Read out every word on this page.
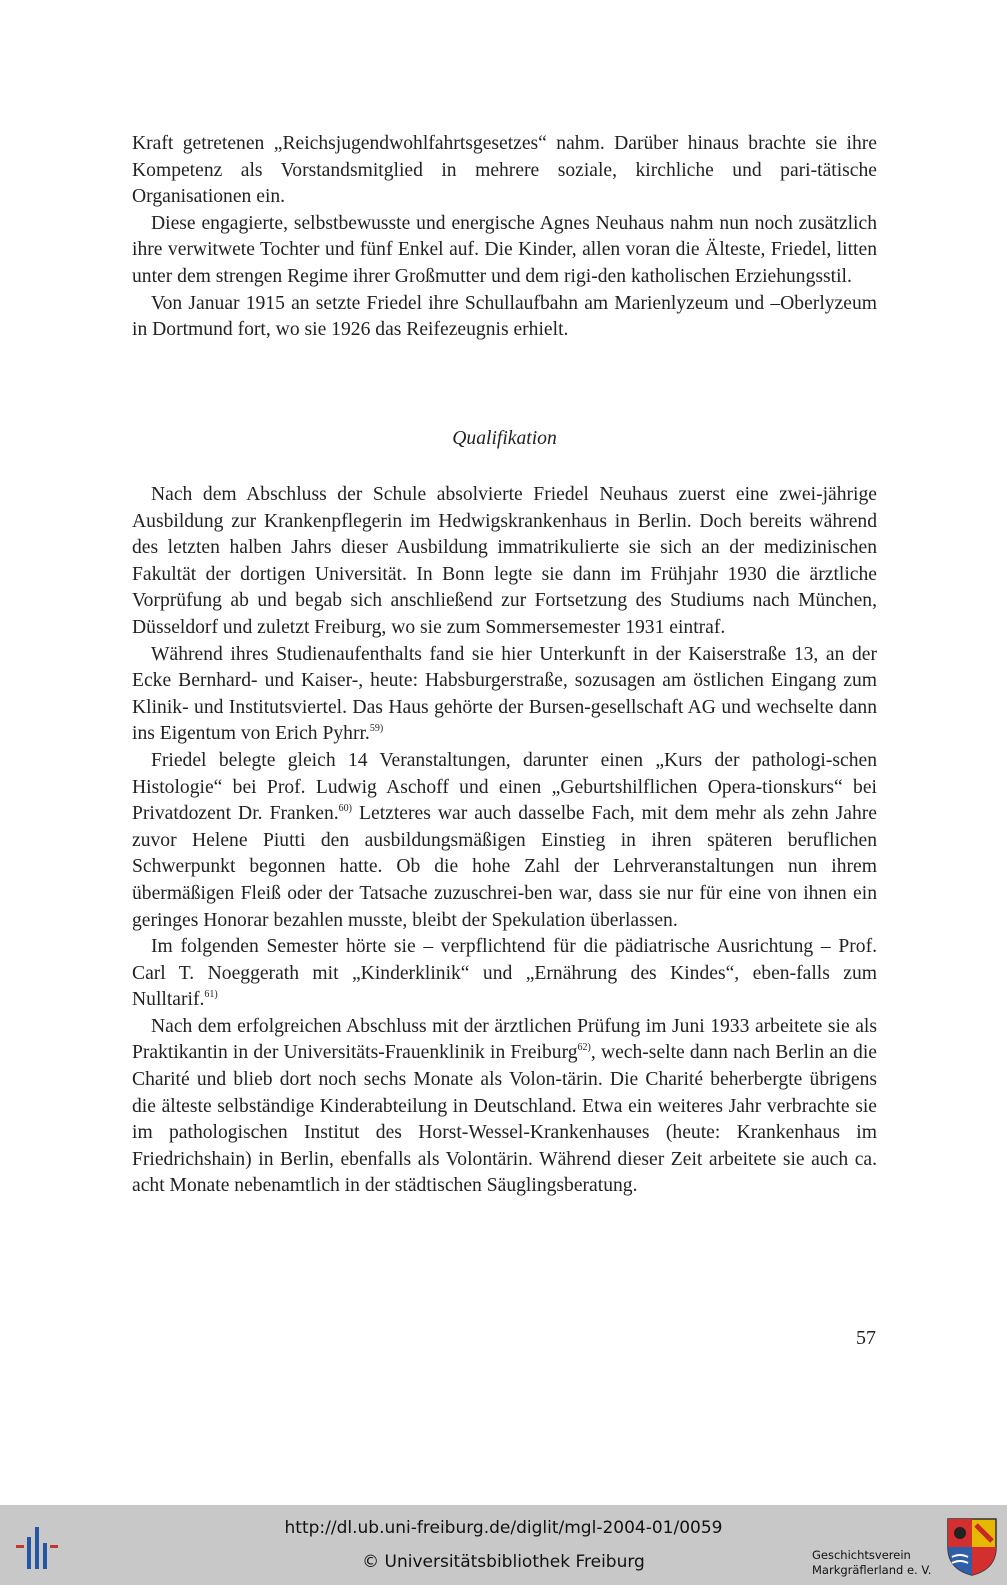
Kraft getretenen „Reichsjugendwohlfahrtsgesetzes“ nahm. Darüber hinaus brachte sie ihre Kompetenz als Vorstandsmitglied in mehrere soziale, kirchliche und pari-tätische Organisationen ein.

Diese engagierte, selbstbewusste und energische Agnes Neuhaus nahm nun noch zusätzlich ihre verwitwete Tochter und fünf Enkel auf. Die Kinder, allen voran die Älteste, Friedel, litten unter dem strengen Regime ihrer Großmutter und dem rigi-den katholischen Erziehungsstil.

Von Januar 1915 an setzte Friedel ihre Schullaufbahn am Marienlyzeum und –Oberlyzeum in Dortmund fort, wo sie 1926 das Reifezeugnis erhielt.

Qualifikation

Nach dem Abschluss der Schule absolvierte Friedel Neuhaus zuerst eine zwei-jährige Ausbildung zur Krankenpflegerin im Hedwigskrankenhaus in Berlin. Doch bereits während des letzten halben Jahrs dieser Ausbildung immatrikulierte sie sich an der medizinischen Fakultät der dortigen Universität. In Bonn legte sie dann im Frühjahr 1930 die ärztliche Vorprüfung ab und begab sich anschließend zur Fortsetzung des Studiums nach München, Düsseldorf und zuletzt Freiburg, wo sie zum Sommersemester 1931 eintraf.

Während ihres Studienaufenthalts fand sie hier Unterkunft in der Kaiserstraße 13, an der Ecke Bernhard- und Kaiser-, heute: Habsburgerstraße, sozusagen am östlichen Eingang zum Klinik- und Institutsviertel. Das Haus gehörte der Bursen-gesellschaft AG und wechselte dann ins Eigentum von Erich Pyhrr.$^{59)}$

Friedel belegte gleich 14 Veranstaltungen, darunter einen „Kurs der pathologi-schen Histologie“ bei Prof. Ludwig Aschoff und einen „Geburtshilflichen Opera-tionskurs“ bei Privatdozent Dr. Franken.$^{60)}$ Letzteres war auch dasselbe Fach, mit dem mehr als zehn Jahre zuvor Helene Piutti den ausbildungsmäßigen Einstieg in ihren späteren beruflichen Schwerpunkt begonnen hatte. Ob die hohe Zahl der Lehrveranstaltungen nun ihrem übermäßigen Fleiß oder der Tatsache zuzuschrei-ben war, dass sie nur für eine von ihnen ein geringes Honorar bezahlen musste, bleibt der Spekulation überlassen.

Im folgenden Semester hörte sie – verpflichtend für die pädiatrische Ausrichtung – Prof. Carl T. Noeggerath mit „Kinderklinik“ und „Ernährung des Kindes“, eben-falls zum Nulltarif.$^{61)}$

Nach dem erfolgreichen Abschluss mit der ärztlichen Prüfung im Juni 1933 arbeitete sie als Praktikantin in der Universitäts-Frauenklinik in Freiburg$^{62)}$, wech-selte dann nach Berlin an die Charité und blieb dort noch sechs Monate als Volon-tärin. Die Charité beherbergte übrigens die älteste selbständige Kinderabteilung in Deutschland. Etwa ein weiteres Jahr verbrachte sie im pathologischen Institut des Horst-Wessel-Krankenhauses (heute: Krankenhaus im Friedrichshain) in Berlin, ebenfalls als Volontärin. Während dieser Zeit arbeitete sie auch ca. acht Monate nebenamtlich in der städtischen Säuglingsberatung.

57
http://dl.ub.uni-freiburg.de/diglit/mgl-2004-01/0059
© Universitätsbibliothek Freiburg	Geschichtsverein
Markgräflerland e. V.
